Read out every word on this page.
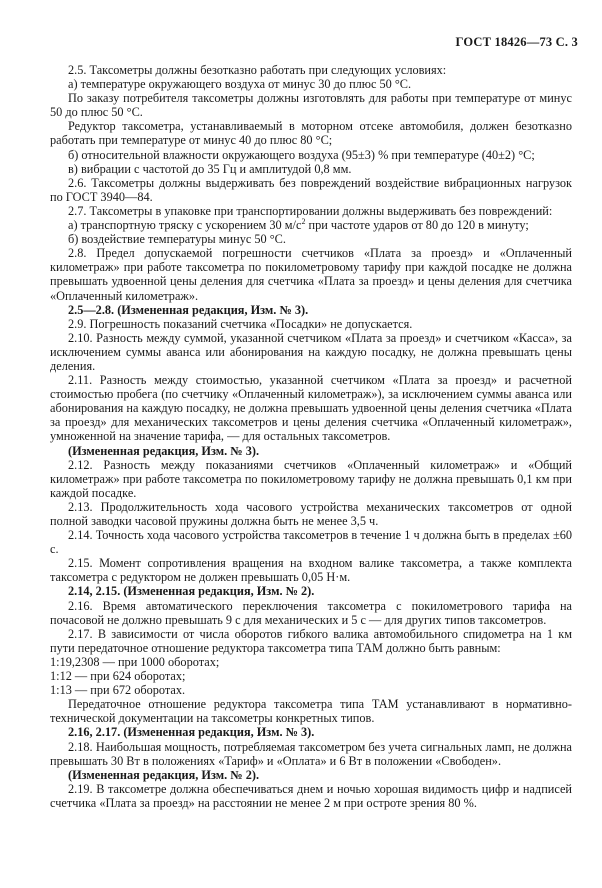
ГОСТ 18426—73 С. 3

2.5. Таксометры должны безотказно работать при следующих условиях:

а) температуре окружающего воздуха от минус 30 до плюс 50 °С.

По заказу потребителя таксометры должны изготовлять для работы при температуре от минус 50 до плюс 50 °С.

Редуктор таксометра, устанавливаемый в моторном отсеке автомобиля, должен безотказно работать при температуре от минус 40 до плюс 80 °С;

б) относительной влажности окружающего воздуха (95±3) % при температуре (40±2) °С;

в) вибрации с частотой до 35 Гц и амплитудой 0,8 мм.

2.6. Таксометры должны выдерживать без повреждений воздействие вибрационных нагрузок по ГОСТ 3940—84.

2.7. Таксометры в упаковке при транспортировании должны выдерживать без повреждений:

а) транспортную тряску с ускорением 30 $м/с^2$ при частоте ударов от 80 до 120 в минуту;

б) воздействие температуры минус 50 °С.

2.8. Предел допускаемой погрешности счетчиков «Плата за проезд» и «Оплаченный километраж» при работе таксометра по покилометровому тарифу при каждой посадке не должна превышать удвоенной цены деления для счетчика «Плата за проезд» и цены деления для счетчика «Оплаченный километраж».

2.5—2.8. (Измененная редакция, Изм. № 3).

2.9. Погрешность показаний счетчика «Посадки» не допускается.

2.10. Разность между суммой, указанной счетчиком «Плата за проезд» и счетчиком «Касса», за исключением суммы аванса или абонирования на каждую посадку, не должна превышать цены деления.

2.11. Разность между стоимостью, указанной счетчиком «Плата за проезд» и расчетной стоимостью пробега (по счетчику «Оплаченный километраж»), за исключением суммы аванса или абонирования на каждую посадку, не должна превышать удвоенной цены деления счетчика «Плата за проезд» для механических таксометров и цены деления счетчика «Оплаченный километраж», умноженной на значение тарифа, — для остальных таксометров.

(Измененная редакция, Изм. № 3).

2.12. Разность между показаниями счетчиков «Оплаченный километраж» и «Общий километраж» при работе таксометра по покилометровому тарифу не должна превышать 0,1 км при каждой посадке.

2.13. Продолжительность хода часового устройства механических таксометров от одной полной заводки часовой пружины должна быть не менее 3,5 ч.

2.14. Точность хода часового устройства таксометров в течение 1 ч должна быть в пределах ±60 с.

2.15. Момент сопротивления вращения на входном валике таксометра, а также комплекта таксометра с редуктором не должен превышать 0,05 Н·м.

2.14, 2.15. (Измененная редакция, Изм. № 2).

2.16. Время автоматического переключения таксометра с покилометрового тарифа на почасовой не должно превышать 9 с для механических и 5 с — для других типов таксометров.

2.17. В зависимости от числа оборотов гибкого валика автомобильного спидометра на 1 км пути передаточное отношение редуктора таксометра типа ТАМ должно быть равным:

1:19,2308 — при 1000 оборотах;

1:12 — при 624 оборотах;

1:13 — при 672 оборотах.

Передаточное отношение редуктора таксометра типа ТАМ устанавливают в нормативно-технической документации на таксометры конкретных типов.

2.16, 2.17. (Измененная редакция, Изм. № 3).

2.18. Наибольшая мощность, потребляемая таксометром без учета сигнальных ламп, не должна превышать 30 Вт в положениях «Тариф» и «Оплата» и 6 Вт в положении «Свободен».

(Измененная редакция, Изм. № 2).

2.19. В таксометре должна обеспечиваться днем и ночью хорошая видимость цифр и надписей счетчика «Плата за проезд» на расстоянии не менее 2 м при остроте зрения 80 %.
